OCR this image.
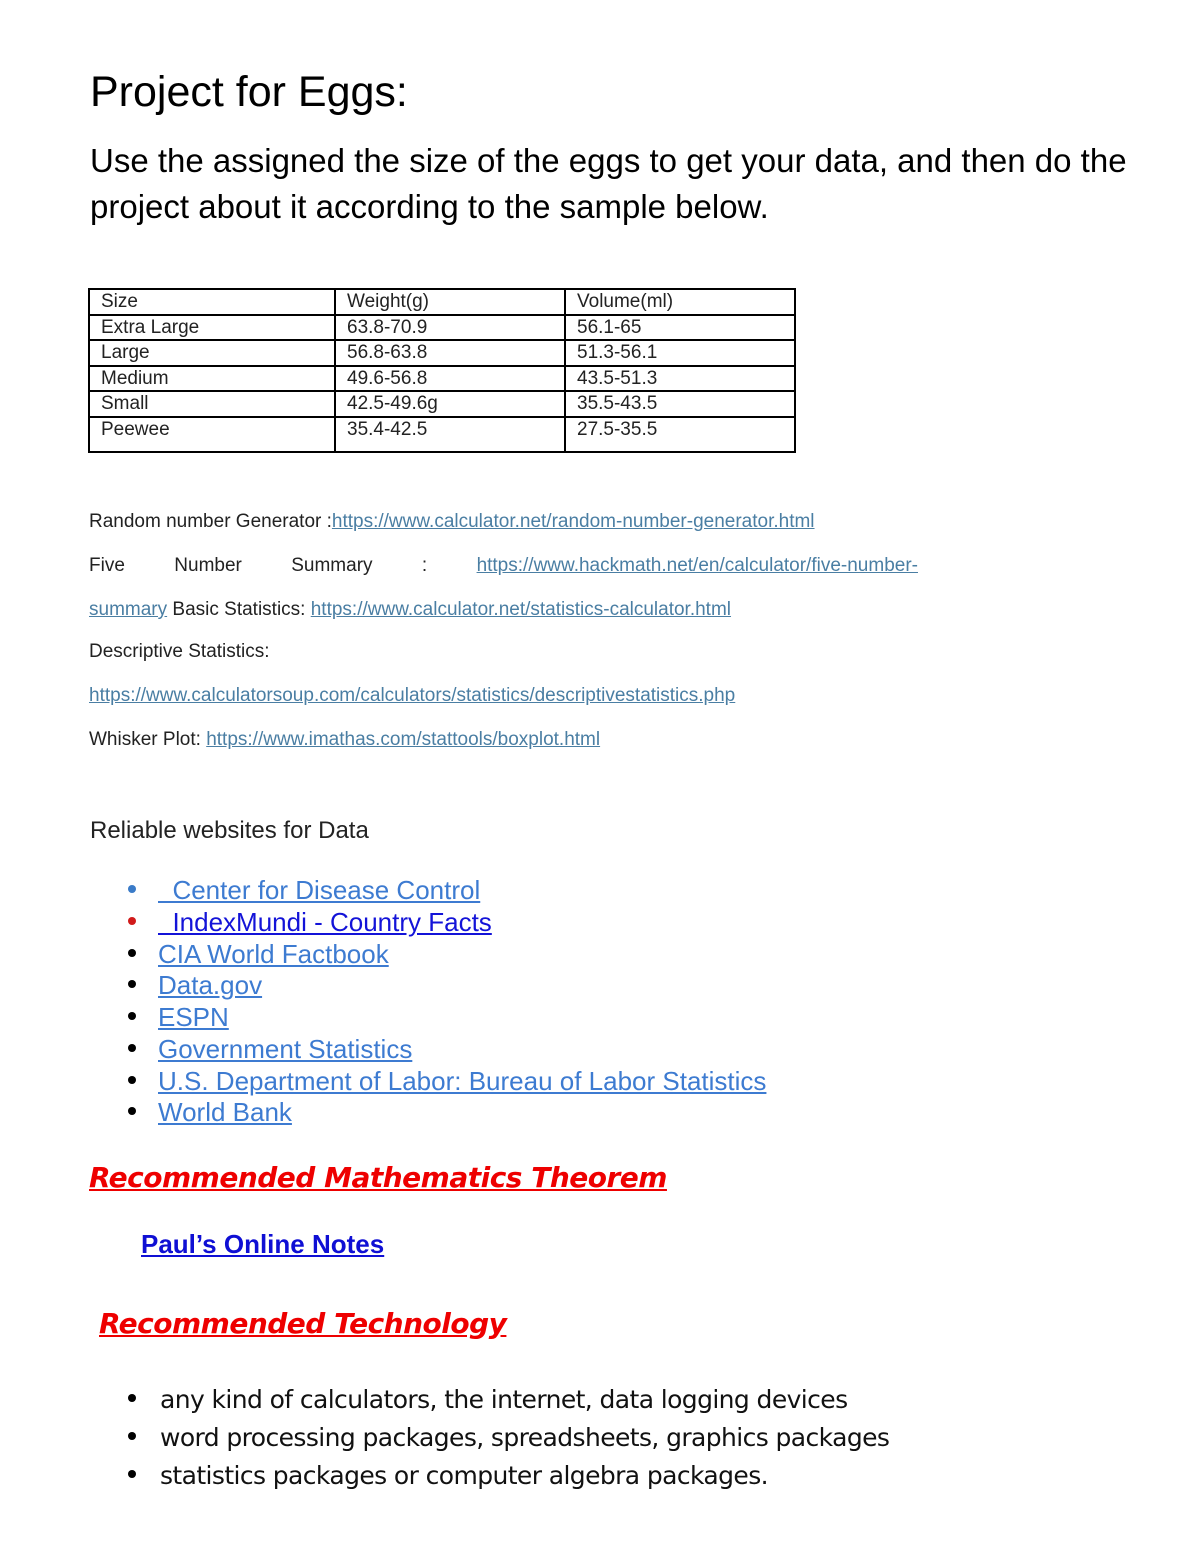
Project for Eggs:
Use the assigned the size of the eggs to get your data, and then do the project about it according to the sample below.
Size	Weight(g)	Volume(ml)
Extra Large	63.8-70.9	56.1-65
Large	56.8-63.8	51.3-56.1
Medium	49.6-56.8	43.5-51.3
Small	42.5-49.6g	35.5-43.5
Peewee	35.4-42.5	27.5-35.5
Random number Generator :https://www.calculator.net/random-number-generator.html
Five	Number	Summary	:	https://www.hackmath.net/en/calculator/five-number-
summary Basic Statistics: https://www.calculator.net/statistics-calculator.html
Descriptive Statistics:
https://www.calculatorsoup.com/calculators/statistics/descriptivestatistics.php
Whisker Plot: https://www.imathas.com/stattools/boxplot.html
Reliable websites for Data
Center for Disease Control
IndexMundi - Country Facts
CIA World Factbook
Data.gov
ESPN
Government Statistics
U.S. Department of Labor: Bureau of Labor Statistics
World Bank
Recommended Mathematics Theorem
Paul’s Online Notes
Recommended Technology
any kind of calculators, the internet, data logging devices
word processing packages, spreadsheets, graphics packages
statistics packages or computer algebra packages.
